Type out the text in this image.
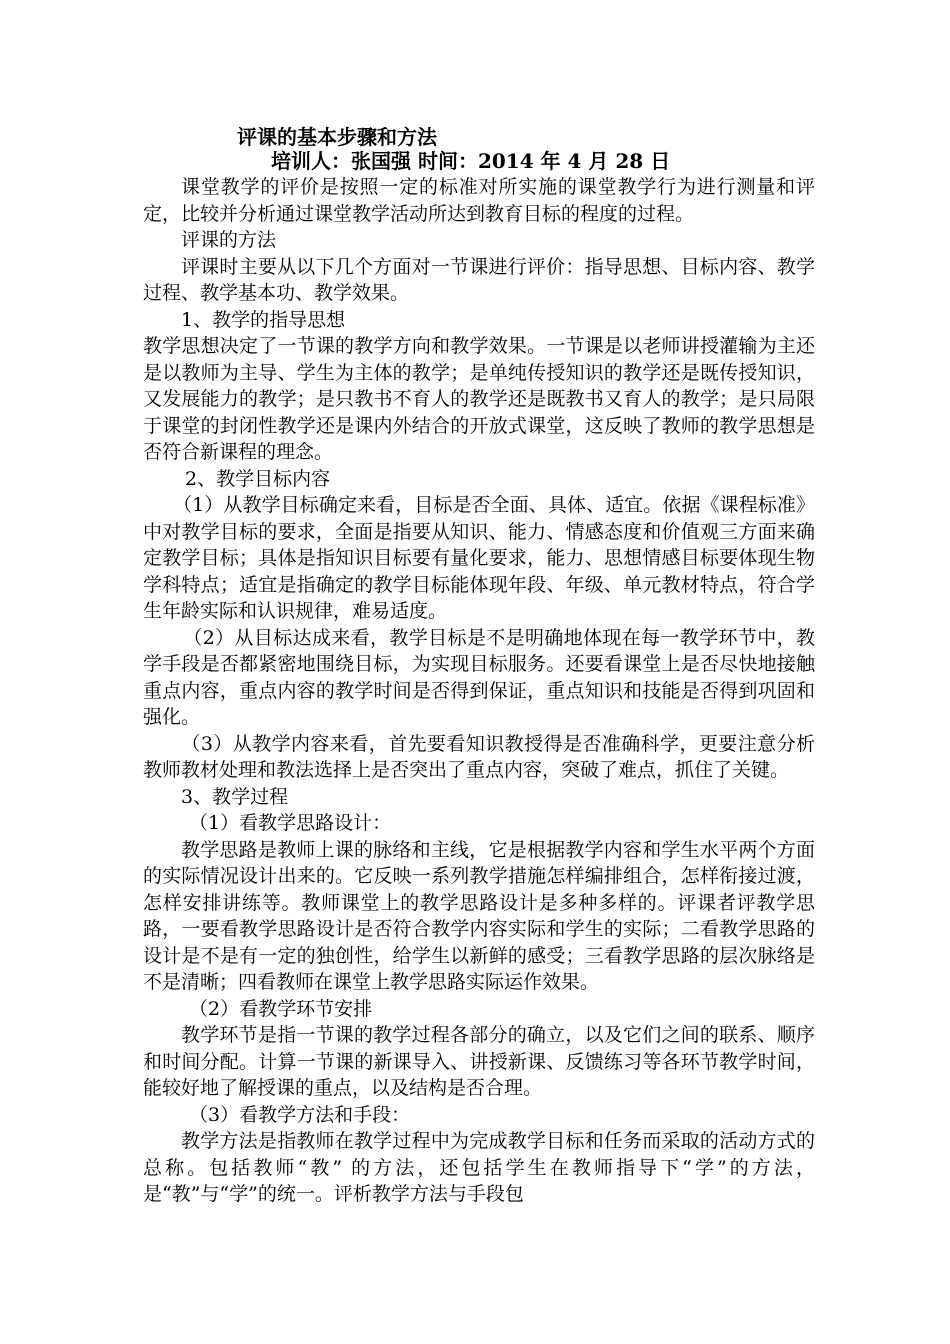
评课的基本步骤和方法
培训人：张国强 时间：2014 年 4 月 28 日

课堂教学的评价是按照一定的标准对所实施的课堂教学行为进行测量和评定，比较并分析通过课堂教学活动所达到教育目标的程度的过程。

评课的方法

评课时主要从以下几个方面对一节课进行评价：指导思想、目标内容、教学过程、教学基本功、教学效果。

1、教学的指导思想

教学思想决定了一节课的教学方向和教学效果。一节课是以老师讲授灌输为主还是以教师为主导、学生为主体的教学；是单纯传授知识的教学还是既传授知识，又发展能力的教学；是只教书不育人的教学还是既教书又育人的教学；是只局限于课堂的封闭性教学还是课内外结合的开放式课堂，这反映了教师的教学思想是否符合新课程的理念。

2、教学目标内容

（1）从教学目标确定来看，目标是否全面、具体、适宜。依据《课程标准》中对教学目标的要求，全面是指要从知识、能力、情感态度和价值观三方面来确定教学目标；具体是指知识目标要有量化要求，能力、思想情感目标要体现生物学科特点；适宜是指确定的教学目标能体现年段、年级、单元教材特点，符合学生年龄实际和认识规律，难易适度。

（2）从目标达成来看，教学目标是不是明确地体现在每一教学环节中，教学手段是否都紧密地围绕目标，为实现目标服务。还要看课堂上是否尽快地接触重点内容，重点内容的教学时间是否得到保证，重点知识和技能是否得到巩固和强化。

（3）从教学内容来看，首先要看知识教授得是否准确科学，更要注意分析教师教材处理和教法选择上是否突出了重点内容，突破了难点，抓住了关键。

3、教学过程

（1）看教学思路设计：

教学思路是教师上课的脉络和主线，它是根据教学内容和学生水平两个方面的实际情况设计出来的。它反映一系列教学措施怎样编排组合，怎样衔接过渡，怎样安排讲练等。教师课堂上的教学思路设计是多种多样的。评课者评教学思路，一要看教学思路设计是否符合教学内容实际和学生的实际；二看教学思路的设计是不是有一定的独创性，给学生以新鲜的感受；三看教学思路的层次脉络是不是清晰；四看教师在课堂上教学思路实际运作效果。

（2）看教学环节安排

教学环节是指一节课的教学过程各部分的确立，以及它们之间的联系、顺序和时间分配。计算一节课的新课导入、讲授新课、反馈练习等各环节教学时间，能较好地了解授课的重点，以及结构是否合理。

（3）看教学方法和手段：

教学方法是指教师在教学过程中为完成教学目标和任务而采取的活动方式的总称。包括教师“教” 的方法，还包括学生在教师指导下“学”的方法，是“教”与“学”的统一。评析教学方法与手段包
